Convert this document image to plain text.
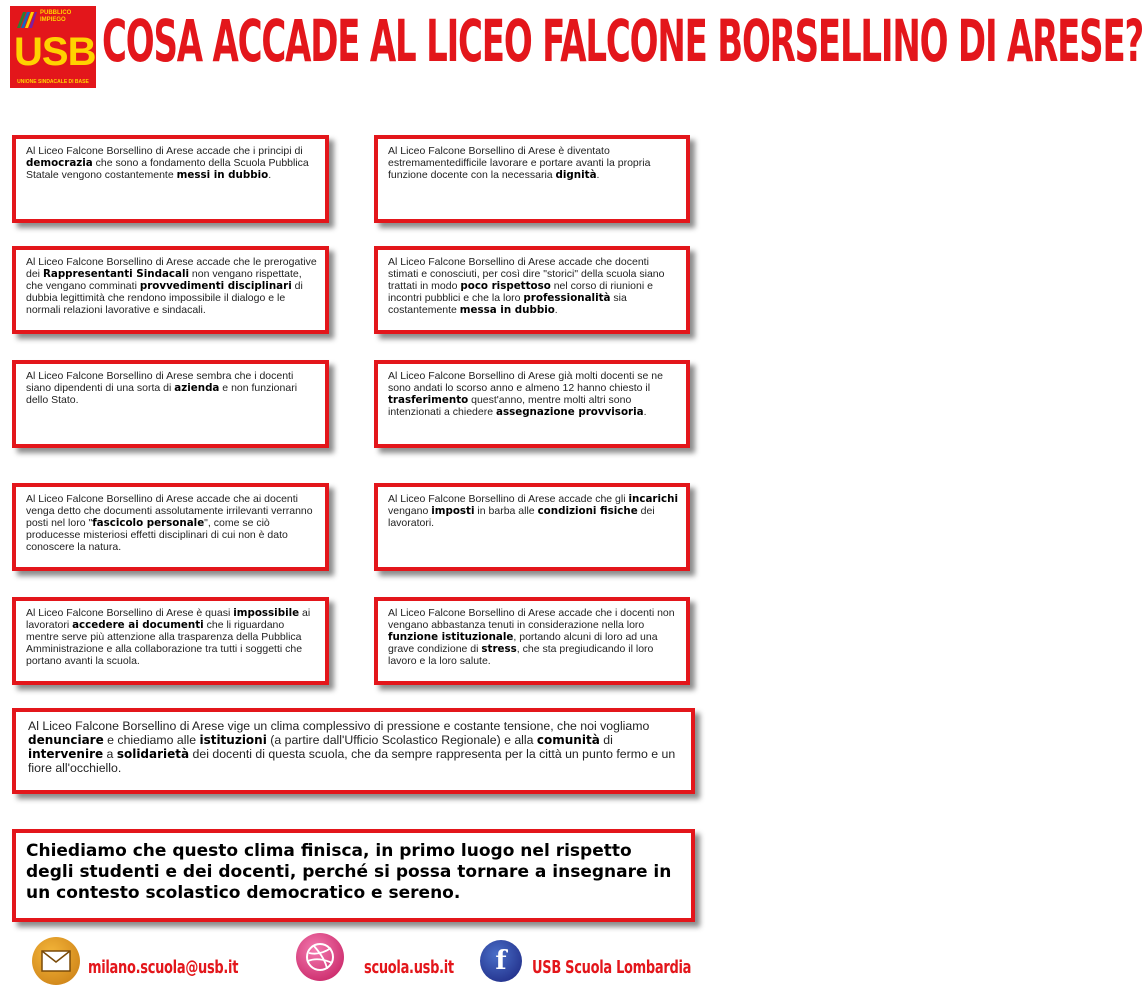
PUBBLICO IMPIEGO
USB
UNIONE SINDACALE DI BASE
COSA ACCADE AL LICEO FALCONE BORSELLINO DI ARESE?

Al Liceo Falcone Borsellino di Arese accade che i principi di democrazia che sono a fondamento della Scuola Pubblica Statale vengono costantemente messi in dubbio.

Al Liceo Falcone Borsellino di Arese è diventato estremamentedifficile lavorare e portare avanti la propria funzione docente con la necessaria dignità.

Al Liceo Falcone Borsellino di Arese accade che le prerogative dei Rappresentanti Sindacali non vengano rispettate, che vengano comminati provvedimenti disciplinari di dubbia legittimità che rendono impossibile il dialogo e le normali relazioni lavorative e sindacali.

Al Liceo Falcone Borsellino di Arese accade che docenti stimati e conosciuti, per così dire "storici" della scuola siano trattati in modo poco rispettoso nel corso di riunioni e incontri pubblici e che la loro professionalità sia costantemente messa in dubbio.

Al Liceo Falcone Borsellino di Arese sembra che i docenti siano dipendenti di una sorta di azienda e non funzionari dello Stato.

Al Liceo Falcone Borsellino di Arese già molti docenti se ne sono andati lo scorso anno e almeno 12 hanno chiesto il trasferimento quest'anno, mentre molti altri sono intenzionati a chiedere assegnazione provvisoria.

Al Liceo Falcone Borsellino di Arese accade che ai docenti venga detto che documenti assolutamente irrilevanti verranno posti nel loro "fascicolo personale", come se ciò producesse misteriosi effetti disciplinari di cui non è dato conoscere la natura.

Al Liceo Falcone Borsellino di Arese accade che gli incarichi vengano imposti in barba alle condizioni fisiche dei lavoratori.

Al Liceo Falcone Borsellino di Arese è quasi impossibile ai lavoratori accedere ai documenti che li riguardano mentre serve più attenzione alla trasparenza della Pubblica Amministrazione e alla collaborazione tra tutti i soggetti che portano avanti la scuola.

Al Liceo Falcone Borsellino di Arese accade che i docenti non vengano abbastanza tenuti in considerazione nella loro funzione istituzionale, portando alcuni di loro ad una grave condizione di stress, che sta pregiudicando il loro lavoro e la loro salute.

Al Liceo Falcone Borsellino di Arese vige un clima complessivo di pressione e costante tensione, che noi vogliamo denunciare e chiediamo alle istituzioni (a partire dall'Ufficio Scolastico Regionale) e alla comunità di intervenire a solidarietà dei docenti di questa scuola, che da sempre rappresenta per la città un punto fermo e un fiore all'occhiello.

Chiediamo che questo clima finisca, in primo luogo nel rispetto degli studenti e dei docenti, perché si possa tornare a insegnare in un contesto scolastico democratico e sereno.

milano.scuola@usb.it	scuola.usb.it f USB Scuola Lombardia
